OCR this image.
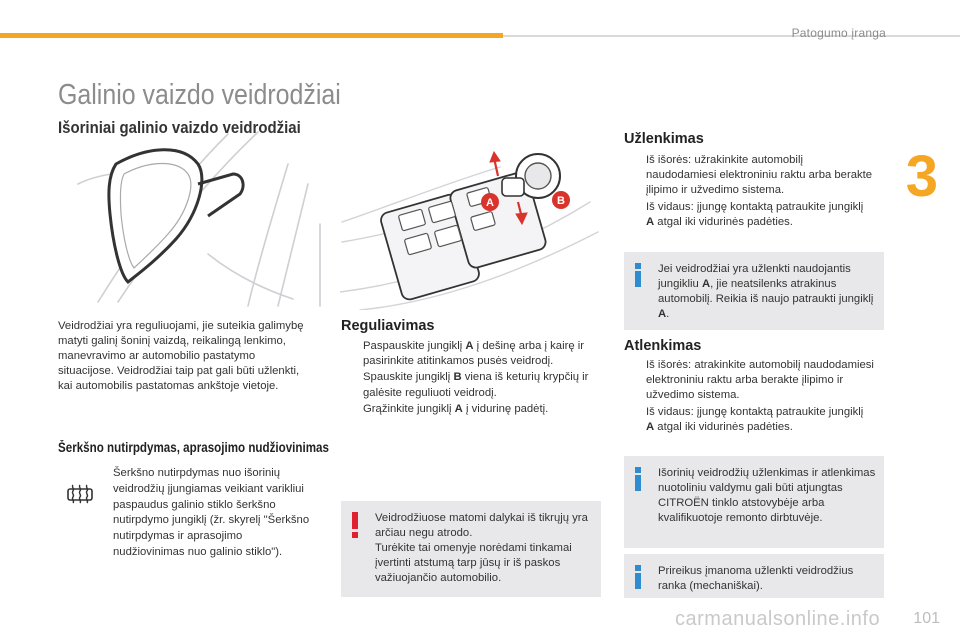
Patogumo įranga
3
Galinio vaizdo veidrodžiai
Išoriniai galinio vaizdo veidrodžiai
A	B

Veidrodžiai yra reguliuojami, jie suteikia galimybę matyti galinį šoninį vaizdą, reikalingą lenkimo, manevravimo ar automobilio pastatymo situacijose. Veidrodžiai taip pat gali būti užlenkti, kai automobilis pastatomas ankštoje vietoje.

Šerkšno nutirpdymas, aprasojimo nudžiovinimas

Šerkšno nutirpdymas nuo išorinių veidrodžių įjungiamas veikiant varikliui paspaudus galinio stiklo šerkšno nutirpdymo jungiklį (žr. skyrelį "Šerkšno nutirpdymas ir aprasojimo nudžiovinimas nuo galinio stiklo").

Reguliavimas
Paspauskite jungiklį A į dešinę arba į kairę ir pasirinkite atitinkamos pusės veidrodį.
Spauskite jungiklį B viena iš keturių krypčių ir galėsite reguliuoti veidrodį.
Grąžinkite jungiklį A į vidurinę padėtį.
Veidrodžiuose matomi dalykai iš tikrųjų yra arčiau negu atrodo.
Turėkite tai omenyje norėdami tinkamai įvertinti atstumą tarp jūsų ir iš paskos važiuojančio automobilio.
Užlenkimas
Iš išorės: užrakinkite automobilį naudodamiesi elektroniniu raktu arba berakte įlipimo ir užvedimo sistema.
Iš vidaus: įjungę kontaktą patraukite jungiklį A atgal iki vidurinės padėties.
Jei veidrodžiai yra užlenkti naudojantis jungikliu A, jie neatsilenks atrakinus automobilį. Reikia iš naujo patraukti jungiklį A.
Atlenkimas
Iš išorės: atrakinkite automobilį naudodamiesi elektroniniu raktu arba berakte įlipimo ir užvedimo sistema.
Iš vidaus: įjungę kontaktą patraukite jungiklį A atgal iki vidurinės padėties.
Išorinių veidrodžių užlenkimas ir atlenkimas nuotoliniu valdymu gali būti atjungtas CITROËN tinklo atstovybėje arba kvalifikuotoje remonto dirbtuvėje.
Prireikus įmanoma užlenkti veidrodžius ranka (mechaniškai).
carmanualsonline.info 101
